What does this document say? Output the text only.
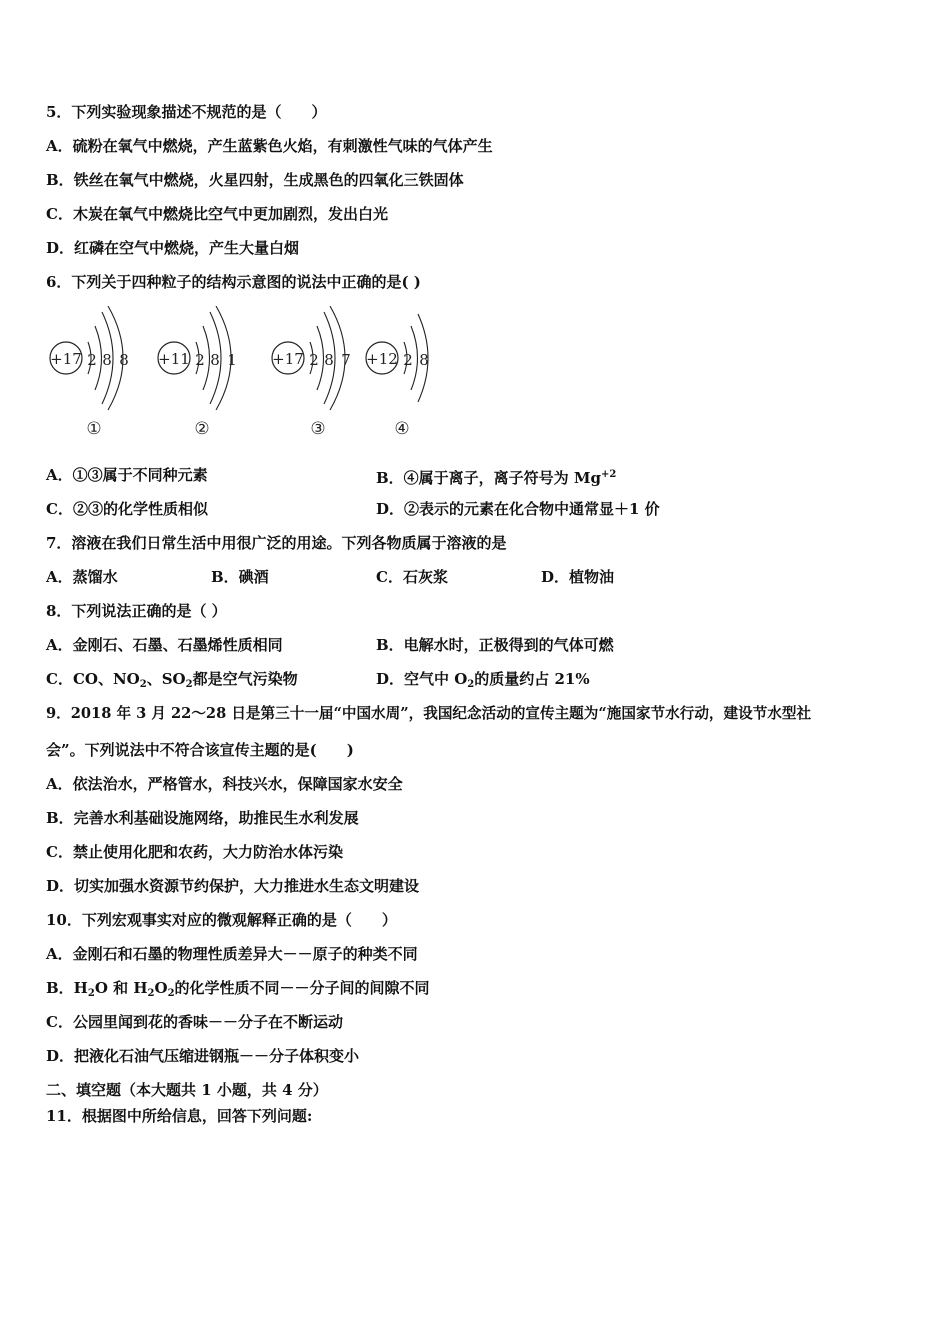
5．下列实验现象描述不规范的是（　　）
A．硫粉在氧气中燃烧，产生蓝紫色火焰，有刺激性气味的气体产生
B．铁丝在氧气中燃烧，火星四射，生成黑色的四氧化三铁固体
C．木炭在氧气中燃烧比空气中更加剧烈，发出白光
D．红磷在空气中燃烧，产生大量白烟
6．下列关于四种粒子的结构示意图的说法中正确的是( )
+17 2 8 8
①
+11 2 8 1
②
+17 2 8 7
③
+12 2 8
④
A．①③属于不同种元素	B．④属于离子，离子符号为 $Mg^{+2}$
C．②③的化学性质相似	D．②表示的元素在化合物中通常显＋1 价
7．溶液在我们日常生活中用很广泛的用途。下列各物质属于溶液的是
A．蒸馏水	B．碘酒	C．石灰浆	D．植物油
8．下列说法正确的是（ ）
A．金刚石、石墨、石墨烯性质相同	B．电解水时，正极得到的气体可燃
C．CO、$NO_2$、$SO_2$都是空气污染物	D．空气中 $O_2$的质量约占 21%
9．2018 年 3 月 22～28 日是第三十一届“中国水周”，我国纪念活动的宣传主题为“施国家节水行动，建设节水型社
会”。下列说法中不符合该宣传主题的是(　　)
A．依法治水，严格管水，科技兴水，保障国家水安全
B．完善水利基础设施网络，助推民生水利发展
C．禁止使用化肥和农药，大力防治水体污染
D．切实加强水资源节约保护，大力推进水生态文明建设
10．下列宏观事实对应的微观解释正确的是（　　）
A．金刚石和石墨的物理性质差异大－－原子的种类不同
B．$H_2O$ 和 $H_2O_2$的化学性质不同－－分子间的间隙不同
C．公园里闻到花的香味－－分子在不断运动
D．把液化石油气压缩进钢瓶－－分子体积变小
二、填空题（本大题共 1 小题，共 4 分）
11．根据图中所给信息，回答下列问题:
